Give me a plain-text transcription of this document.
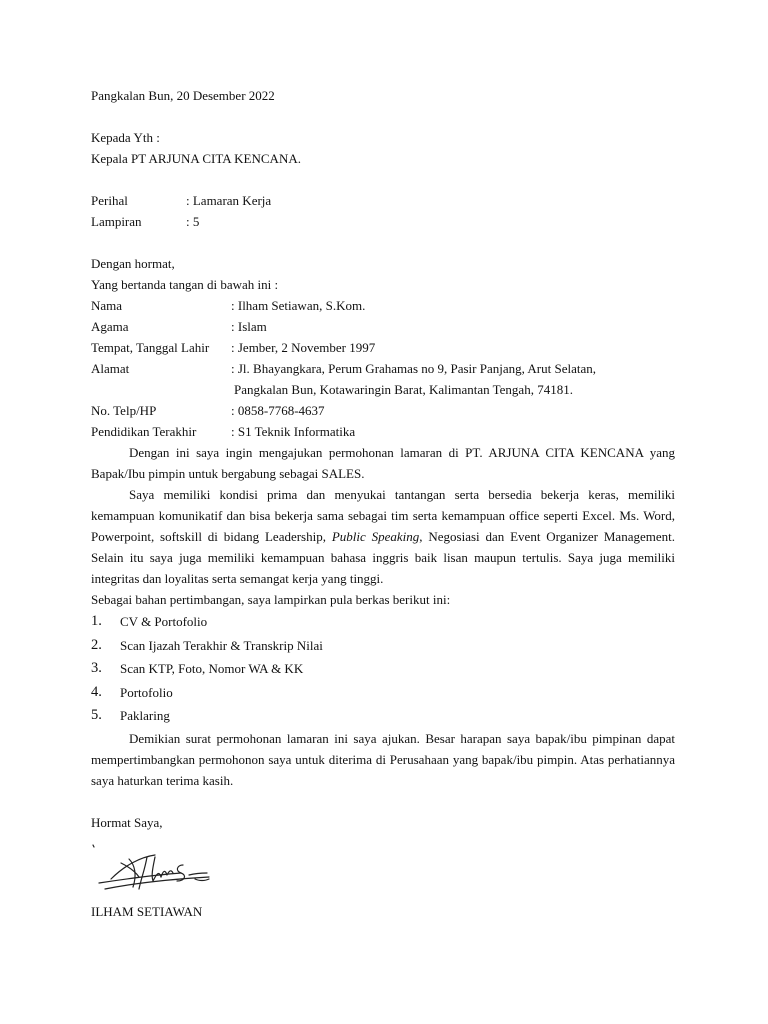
Pangkalan Bun, 20 Desember 2022

Kepada Yth :

Kepala PT ARJUNA CITA KENCANA.

Perihal	: Lamaran Kerja
Lampiran	: 5

Dengan hormat,

Yang bertanda tangan di bawah ini :

Nama	: Ilham Setiawan, S.Kom.
Agama	: Islam
Tempat, Tanggal Lahir	: Jember, 2 November 1997
Alamat	: Jl. Bhayangkara, Perum Grahamas no 9, Pasir Panjang, Arut Selatan,

Pangkalan Bun, Kotawaringin Barat, Kalimantan Tengah, 74181.

No. Telp/HP	: 0858-7768-4637
Pendidikan Terakhir	: S1 Teknik Informatika

Dengan ini saya ingin mengajukan permohonan lamaran di PT. ARJUNA CITA KENCANA yang Bapak/Ibu pimpin untuk bergabung sebagai SALES.

Saya memiliki kondisi prima dan menyukai tantangan serta bersedia bekerja keras, memiliki kemampuan komunikatif dan bisa bekerja sama sebagai tim serta kemampuan office seperti Excel. Ms. Word, Powerpoint, softskill di bidang Leadership, Public Speaking, Negosiasi dan Event Organizer Management. Selain itu saya juga memiliki kemampuan bahasa inggris baik lisan maupun tertulis. Saya juga memiliki integritas dan loyalitas serta semangat kerja yang tinggi.

Sebagai bahan pertimbangan, saya lampirkan pula berkas berikut ini:

1.	CV & Portofolio
2.	Scan Ijazah Terakhir & Transkrip Nilai
3.	Scan KTP, Foto, Nomor WA & KK
4.	Portofolio
5.	Paklaring

Demikian surat permohonan lamaran ini saya ajukan. Besar harapan saya bapak/ibu pimpinan dapat mempertimbangkan permohonon saya untuk diterima di Perusahaan yang bapak/ibu pimpin. Atas perhatiannya saya haturkan terima kasih.

Hormat Saya,

ILHAM SETIAWAN
